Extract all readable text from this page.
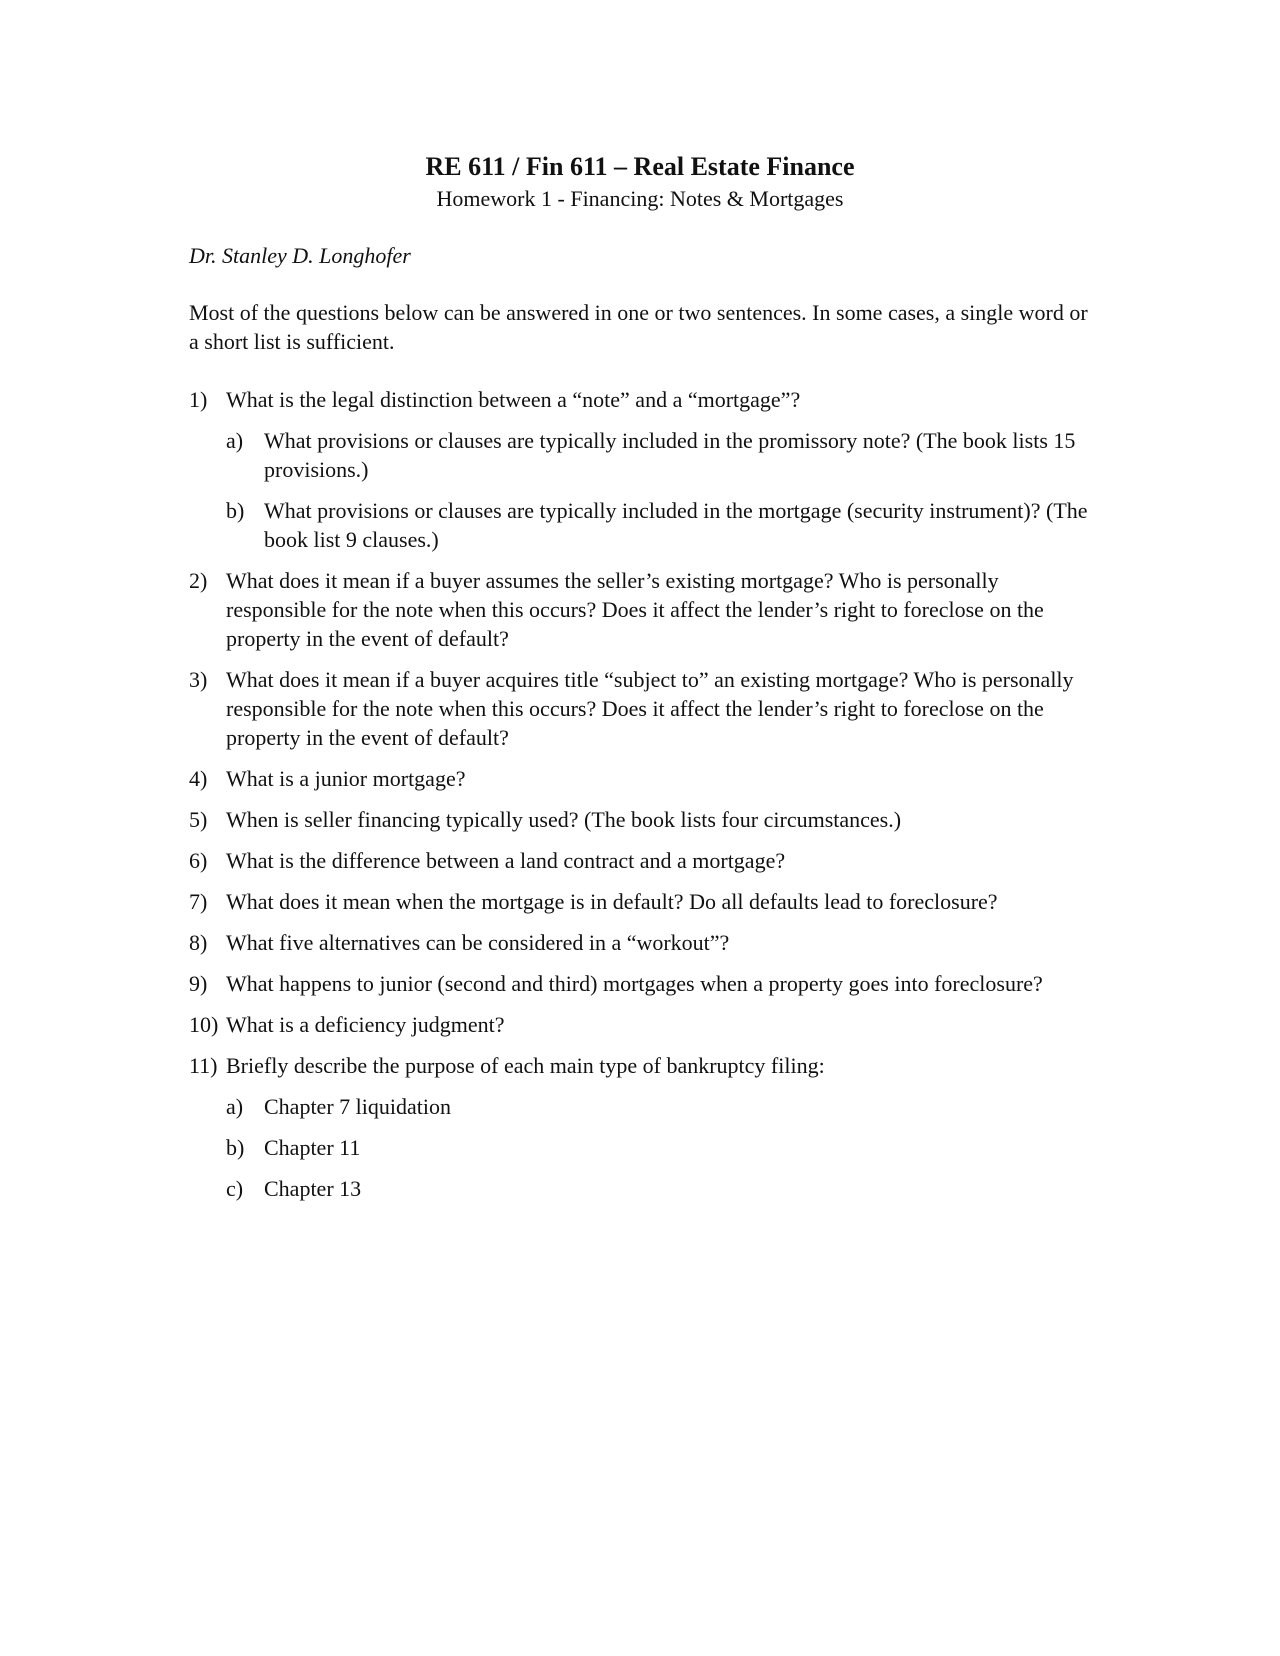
RE 611 / Fin 611 – Real Estate Finance
Homework 1 - Financing: Notes & Mortgages
Dr. Stanley D. Longhofer

Most of the questions below can be answered in one or two sentences. In some cases, a single word or a short list is sufficient.

1) What is the legal distinction between a “note” and a “mortgage”?
a) What provisions or clauses are typically included in the promissory note? (The book lists 15 provisions.)
b) What provisions or clauses are typically included in the mortgage (security instrument)? (The book list 9 clauses.)
2) What does it mean if a buyer assumes the seller’s existing mortgage? Who is personally responsible for the note when this occurs? Does it affect the lender’s right to foreclose on the property in the event of default?
3) What does it mean if a buyer acquires title “subject to” an existing mortgage? Who is personally responsible for the note when this occurs? Does it affect the lender’s right to foreclose on the property in the event of default?
4) What is a junior mortgage?
5) When is seller financing typically used? (The book lists four circumstances.)
6) What is the difference between a land contract and a mortgage?
7) What does it mean when the mortgage is in default? Do all defaults lead to foreclosure?
8) What five alternatives can be considered in a “workout”?
9) What happens to junior (second and third) mortgages when a property goes into foreclosure?
10) What is a deficiency judgment?
11) Briefly describe the purpose of each main type of bankruptcy filing:
a) Chapter 7 liquidation
b) Chapter 11
c) Chapter 13
